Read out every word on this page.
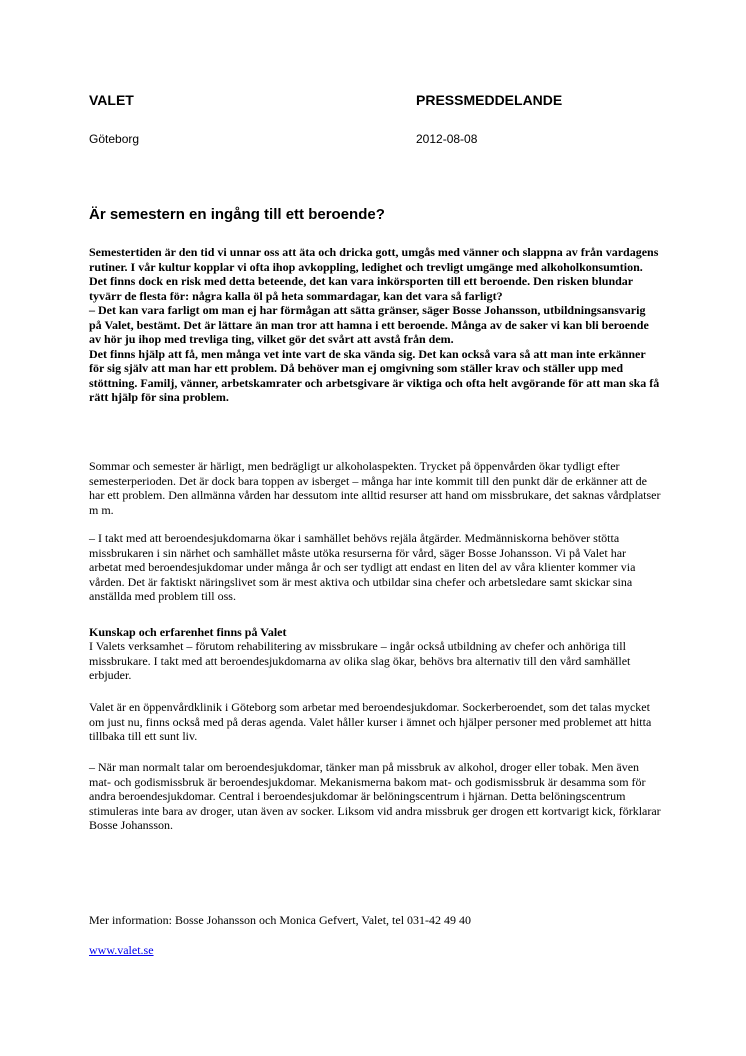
VALET	PRESSMEDDELANDE
Göteborg	2012-08-08
Är semestern en ingång till ett beroende?

Semestertiden är den tid vi unnar oss att äta och dricka gott, umgås med vänner och slappna av från vardagens rutiner. I vår kultur kopplar vi ofta ihop avkoppling, ledighet och trevligt umgänge med alkoholkonsumtion. Det finns dock en risk med detta beteende, det kan vara inkörsporten till ett beroende. Den risken blundar tyvärr de flesta för: några kalla öl på heta sommardagar, kan det vara så farligt?

– Det kan vara farligt om man ej har förmågan att sätta gränser, säger Bosse Johansson, utbildningsansvarig på Valet, bestämt. Det är lättare än man tror att hamna i ett beroende. Många av de saker vi kan bli beroende av hör ju ihop med trevliga ting, vilket gör det svårt att avstå från dem.

Det finns hjälp att få, men många vet inte vart de ska vända sig. Det kan också vara så att man inte erkänner för sig själv att man har ett problem. Då behöver man ej omgivning som ställer krav och ställer upp med stöttning. Familj, vänner, arbetskamrater och arbetsgivare är viktiga och ofta helt avgörande för att man ska få rätt hjälp för sina problem.

Sommar och semester är härligt, men bedrägligt ur alkoholaspekten. Trycket på öppenvården ökar tydligt efter semesterperioden. Det är dock bara toppen av isberget – många har inte kommit till den punkt där de erkänner att de har ett problem. Den allmänna vården har dessutom inte alltid resurser att hand om missbrukare, det saknas vårdplatser m m.

– I takt med att beroendesjukdomarna ökar i samhället behövs rejäla åtgärder. Medmänniskorna behöver stötta missbrukaren i sin närhet och samhället måste utöka resurserna för vård, säger Bosse Johansson. Vi på Valet har arbetat med beroendesjukdomar under många år och ser tydligt att endast en liten del av våra klienter kommer via vården. Det är faktiskt näringslivet som är mest aktiva och utbildar sina chefer och arbetsledare samt skickar sina anställda med problem till oss.

Kunskap och erfarenhet finns på Valet

I Valets verksamhet – förutom rehabilitering av missbrukare – ingår också utbildning av chefer och anhöriga till missbrukare. I takt med att beroendesjukdomarna av olika slag ökar, behövs bra alternativ till den vård samhället erbjuder.

Valet är en öppenvårdklinik i Göteborg som arbetar med beroendesjukdomar. Sockerberoendet, som det talas mycket om just nu, finns också med på deras agenda. Valet håller kurser i ämnet och hjälper personer med problemet att hitta tillbaka till ett sunt liv.

– När man normalt talar om beroendesjukdomar, tänker man på missbruk av alkohol, droger eller tobak. Men även mat- och godismissbruk är beroendesjukdomar. Mekanismerna bakom mat- och godismissbruk är desamma som för andra beroendesjukdomar. Central i beroendesjukdomar är belöningscentrum i hjärnan. Detta belöningscentrum stimuleras inte bara av droger, utan även av socker. Liksom vid andra missbruk ger drogen ett kortvarigt kick, förklarar Bosse Johansson.

Mer information: Bosse Johansson och Monica Gefvert, Valet, tel 031-42 49 40
www.valet.se
